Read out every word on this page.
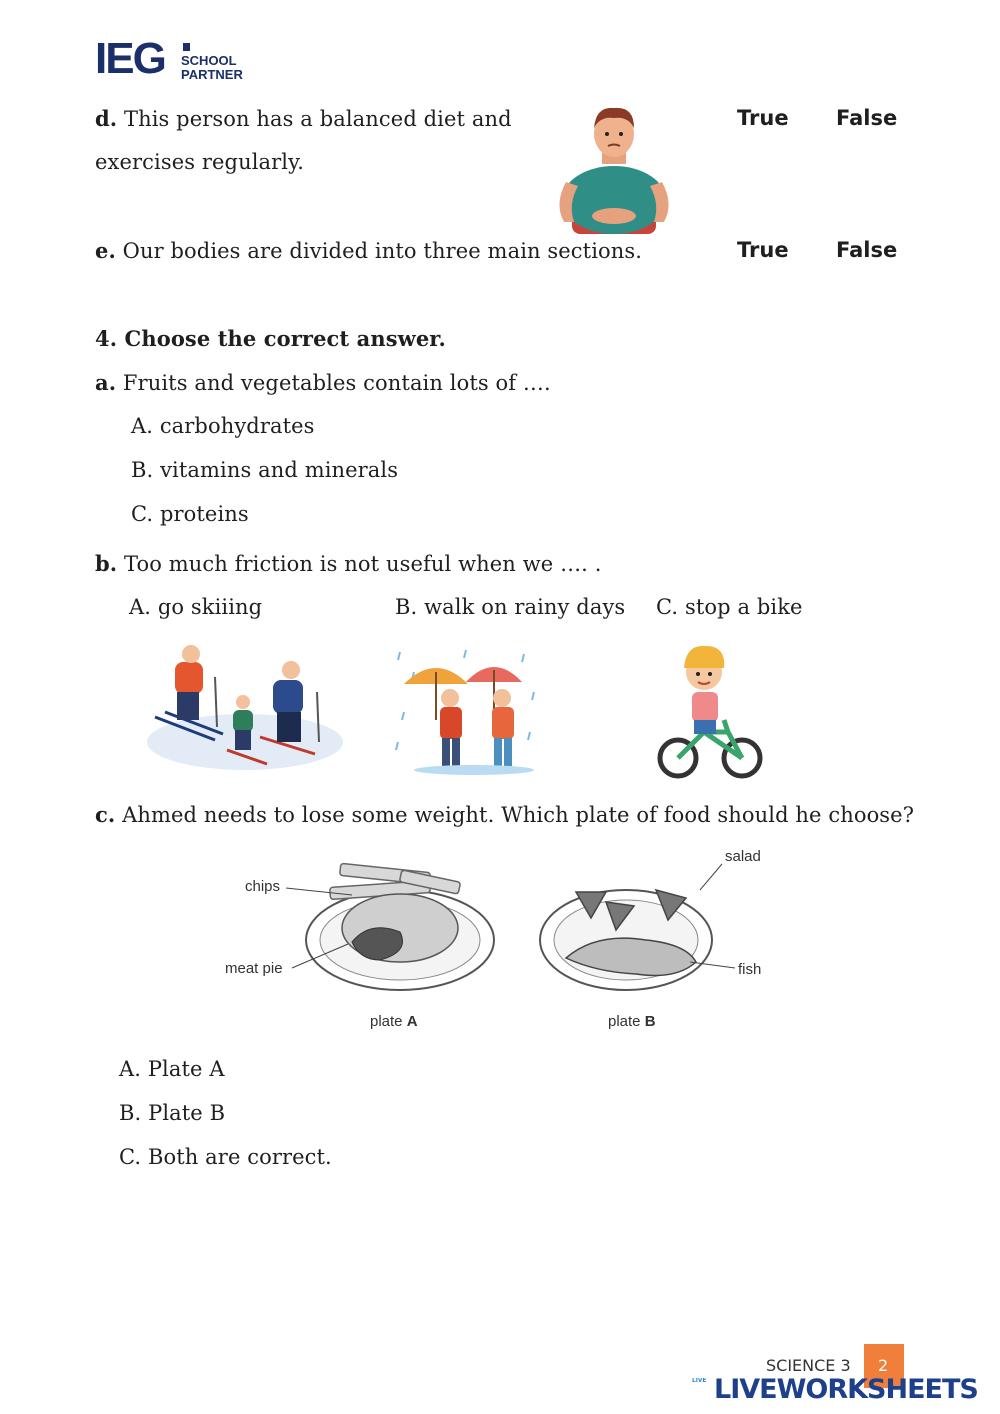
IEG SCHOOL
PARTNER
d. This person has a balanced diet and
exercises regularly.
True False
e. Our bodies are divided into three main sections.	True False
4. Choose the correct answer.
a. Fruits and vegetables contain lots of ….
A. carbohydrates
B. vitamins and minerals
C. proteins
b. Too much friction is not useful when we …. .
A. go skiiing	B. walk on rainy days C. stop a bike
c. Ahmed needs to lose some weight. Which plate of food should he choose?
chips
meat pie
salad
fish
plate A	plate B
A. Plate A
B. Plate B
C. Both are correct.
SCIENCE 3 2
LIVE LIVEWORKSHEETS
